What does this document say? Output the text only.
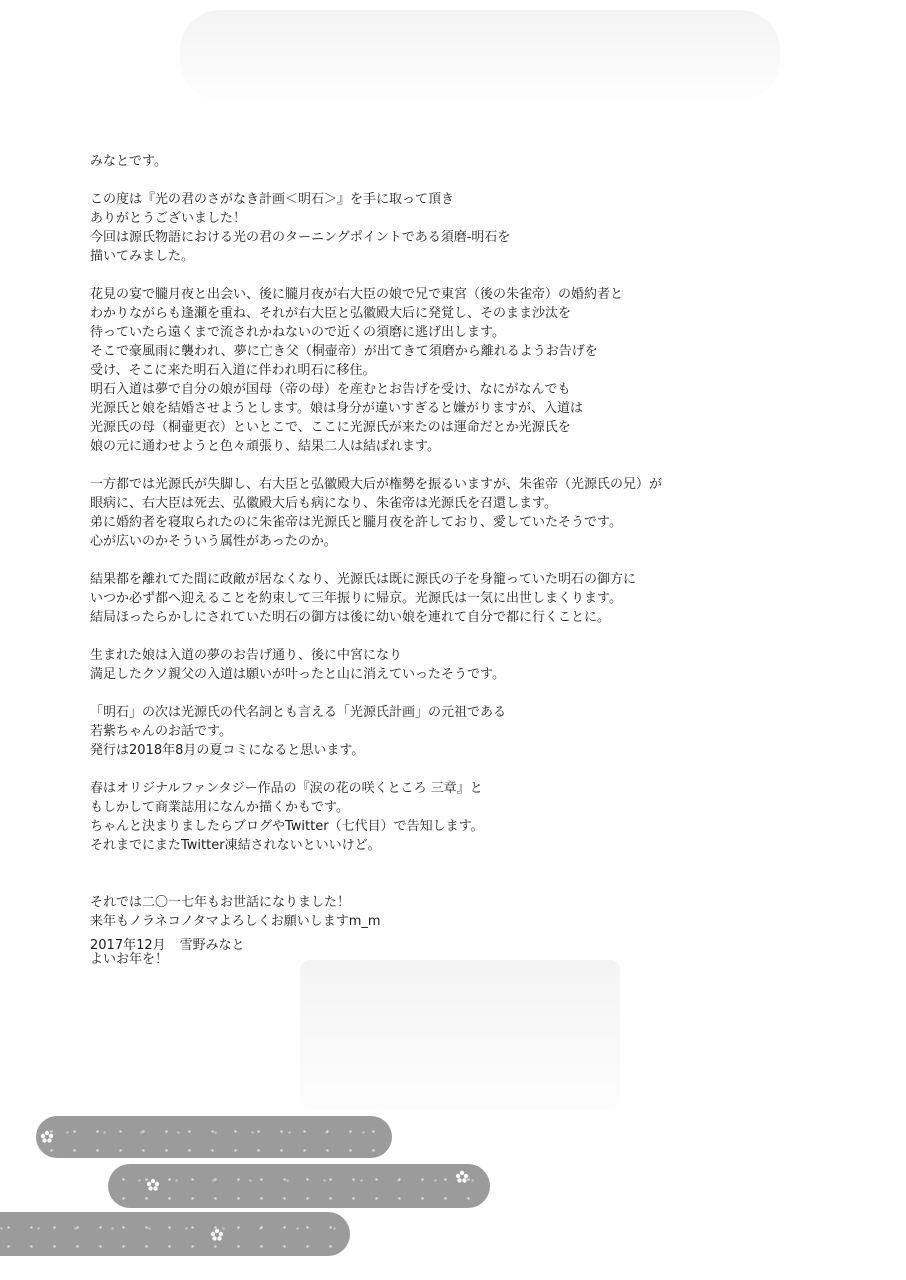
みなとです。
この度は『光の君のさがなき計画＜明石＞』を手に取って頂き
ありがとうございました！
今回は源氏物語における光の君のターニングポイントである須磨-明石を
描いてみました。
花見の宴で朧月夜と出会い、後に朧月夜が右大臣の娘で兄で東宮（後の朱雀帝）の婚約者と
わかりながらも逢瀬を重ね、それが右大臣と弘徽殿大后に発覚し、そのまま沙汰を
待っていたら遠くまで流されかねないので近くの須磨に逃げ出します。
そこで豪風雨に襲われ、夢に亡き父（桐壷帝）が出てきて須磨から離れるようお告げを
受け、そこに来た明石入道に伴われ明石に移住。
明石入道は夢で自分の娘が国母（帝の母）を産むとお告げを受け、なにがなんでも
光源氏と娘を結婚させようとします。娘は身分が違いすぎると嫌がりますが、入道は
光源氏の母（桐壷更衣）といとこで、ここに光源氏が来たのは運命だとか光源氏を
娘の元に通わせようと色々頑張り、結果二人は結ばれます。
一方都では光源氏が失脚し、右大臣と弘徽殿大后が権勢を振るいますが、朱雀帝（光源氏の兄）が
眼病に、右大臣は死去、弘徽殿大后も病になり、朱雀帝は光源氏を召還します。
弟に婚約者を寝取られたのに朱雀帝は光源氏と朧月夜を許しており、愛していたそうです。
心が広いのかそういう属性があったのか。
結果都を離れてた間に政敵が居なくなり、光源氏は既に源氏の子を身籠っていた明石の御方に
いつか必ず都へ迎えることを約束して三年振りに帰京。光源氏は一気に出世しまくります。
結局ほったらかしにされていた明石の御方は後に幼い娘を連れて自分で都に行くことに。
生まれた娘は入道の夢のお告げ通り、後に中宮になり
満足したクソ親父の入道は願いが叶ったと山に消えていったそうです。
「明石」の次は光源氏の代名詞とも言える「光源氏計画」の元祖である
若紫ちゃんのお話です。
発行は2018年8月の夏コミになると思います。
春はオリジナルファンタジー作品の『涙の花の咲くところ 三章』と
もしかして商業誌用になんか描くかもです。
ちゃんと決まりましたらブログやTwitter（七代目）で告知します。
それまでにまたTwitter凍結されないといいけど。
それでは二〇一七年もお世話になりました！
来年もノラネコノタマよろしくお願いしますm_m
よいお年を！
2017年12月 雪野みなと
